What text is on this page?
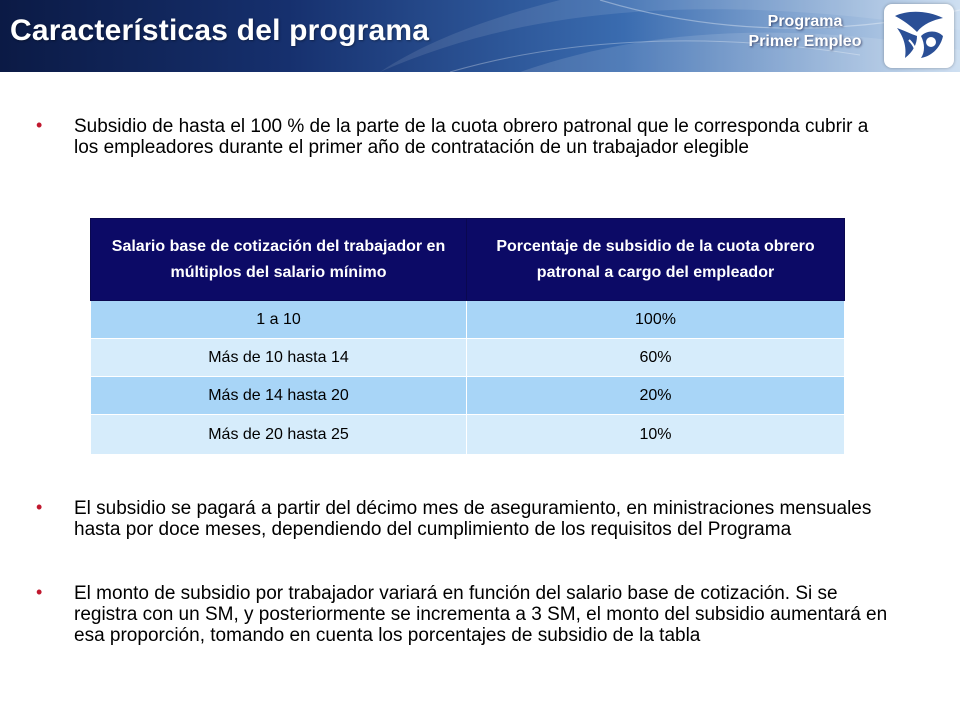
Características del programa	Programa
Primer Empleo
• Subsidio de hasta el 100 % de la parte de la cuota obrero patronal que le corresponda cubrir a los empleadores durante el primer año de contratación de un trabajador elegible
Salario base de cotización del trabajador en múltiplos del salario mínimo	Porcentaje de subsidio de la cuota obrero patronal a cargo del empleador
1 a 10	100%
Más de 10 hasta 14	60%
Más de 14 hasta 20	20%
Más de 20 hasta 25	10%
• El subsidio se pagará a partir del décimo mes de aseguramiento, en ministraciones mensuales hasta por doce meses, dependiendo del cumplimiento de los requisitos del Programa
• El monto de subsidio por trabajador variará en función del salario base de cotización. Si se registra con un SM, y posteriormente se incrementa a 3 SM, el monto del subsidio aumentará en esa proporción, tomando en cuenta los porcentajes de subsidio de la tabla
